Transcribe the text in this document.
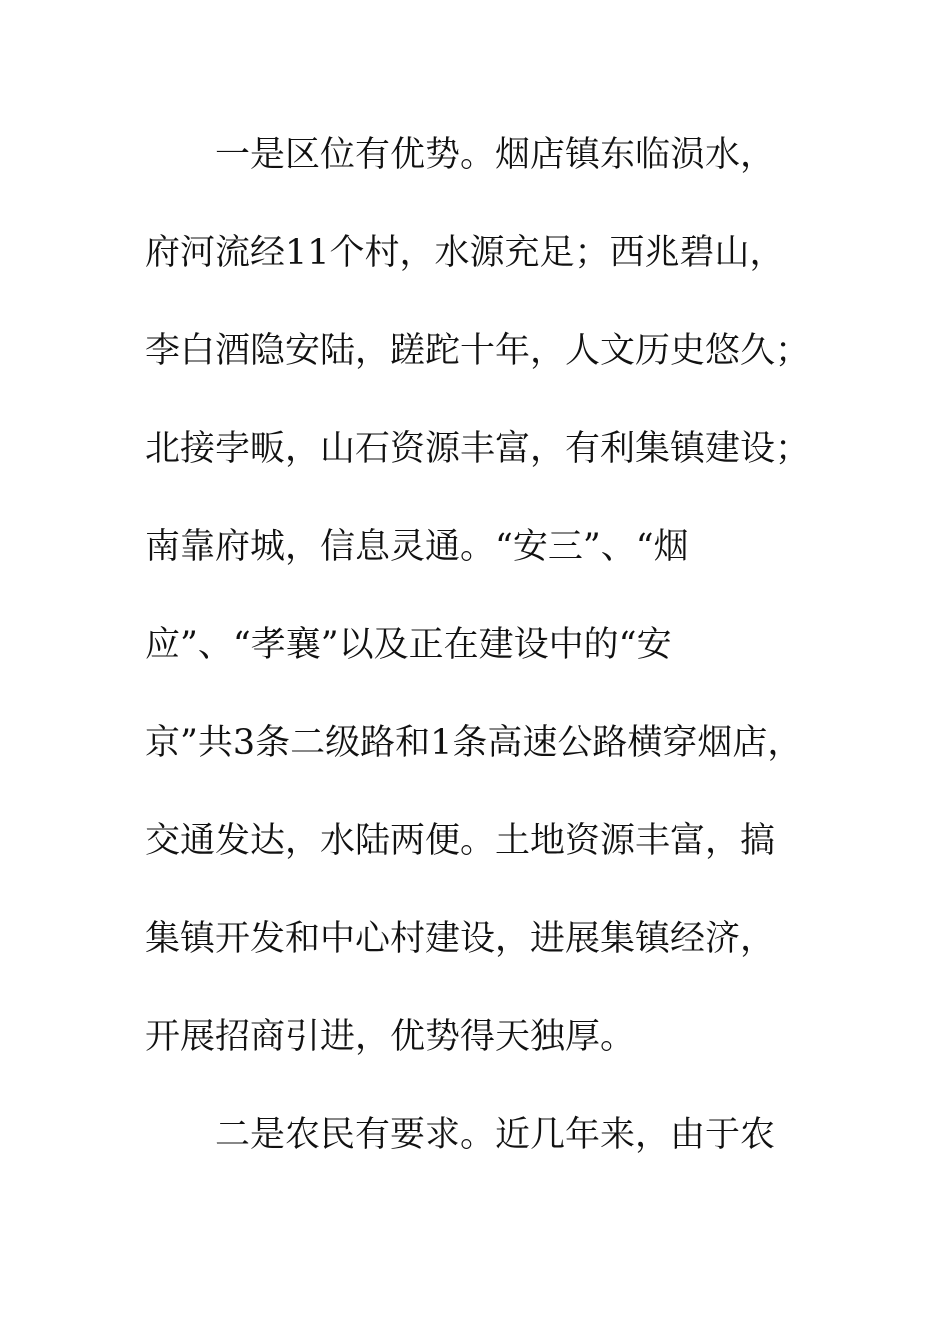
一是区位有优势。烟店镇东临涢水，
府河流经11个村，水源充足；西兆碧山，
李白酒隐安陆，蹉跎十年，人文历史悠久；
北接孛畈，山石资源丰富，有利集镇建设；
南靠府城，信息灵通。“安三”、“烟
应”、“孝襄”以及正在建设中的“安
京”共3条二级路和1条高速公路横穿烟店，
交通发达，水陆两便。土地资源丰富，搞
集镇开发和中心村建设，进展集镇经济，
开展招商引进，优势得天独厚。
二是农民有要求。近几年来，由于农
